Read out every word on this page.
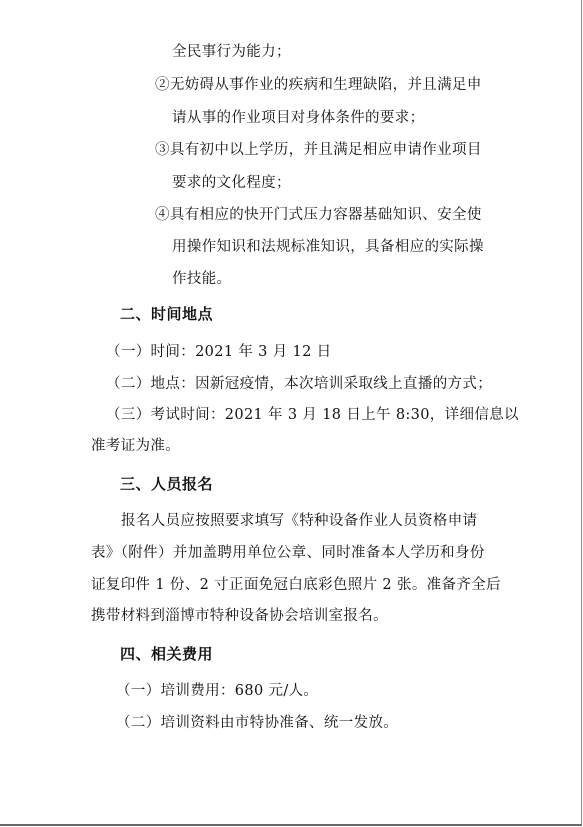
全民事行为能力；
②无妨碍从事作业的疾病和生理缺陷，并且满足申
请从事的作业项目对身体条件的要求；
③具有初中以上学历，并且满足相应申请作业项目
要求的文化程度；
④具有相应的快开门式压力容器基础知识、安全使
用操作知识和法规标准知识，具备相应的实际操
作技能。
二、时间地点
（一）时间：2021 年 3 月 12 日
（二）地点：因新冠疫情，本次培训采取线上直播的方式；
（三）考试时间：2021 年 3 月 18 日上午 8:30，详细信息以
准考证为准。
三、人员报名
报名人员应按照要求填写《特种设备作业人员资格申请
表》（附件）并加盖聘用单位公章、同时准备本人学历和身份
证复印件 1 份、2 寸正面免冠白底彩色照片 2 张。准备齐全后
携带材料到淄博市特种设备协会培训室报名。
四、相关费用
（一）培训费用：680 元/人。
（二）培训资料由市特协准备、统一发放。
